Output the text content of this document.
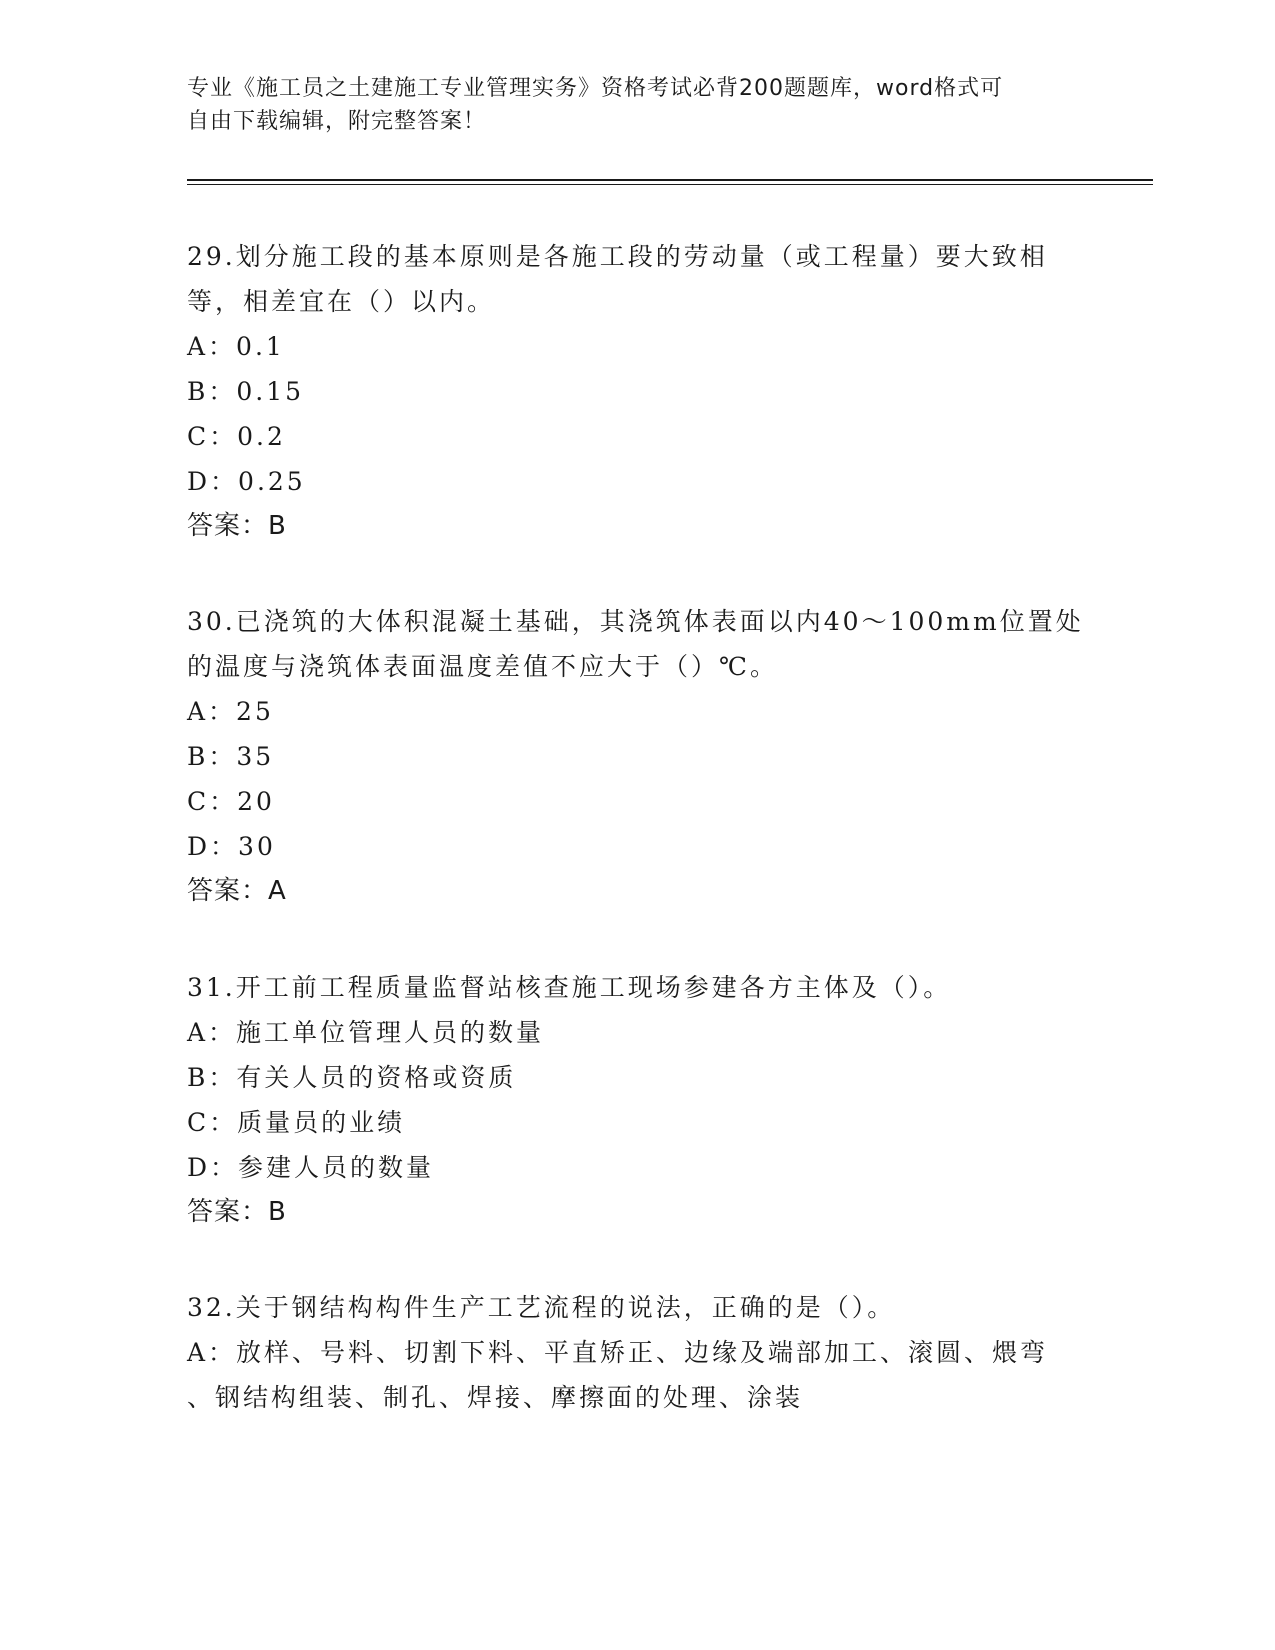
专业《施工员之土建施工专业管理实务》资格考试必背200题题库，word格式可
自由下载编辑，附完整答案！

29.划分施工段的基本原则是各施工段的劳动量（或工程量）要大致相

等，相差宜在（）以内。

A：0.1

B：0.15

C：0.2

D：0.25

答案：B

30.已浇筑的大体积混凝土基础，其浇筑体表面以内40～100mm位置处

的温度与浇筑体表面温度差值不应大于（）℃。

A：25

B：35

C：20

D：30

答案：A

31.开工前工程质量监督站核查施工现场参建各方主体及（）。

A：施工单位管理人员的数量

B：有关人员的资格或资质

C：质量员的业绩

D：参建人员的数量

答案：B

32.关于钢结构构件生产工艺流程的说法，正确的是（）。

A：放样、号料、切割下料、平直矫正、边缘及端部加工、滚圆、煨弯

、钢结构组装、制孔、焊接、摩擦面的处理、涂装
